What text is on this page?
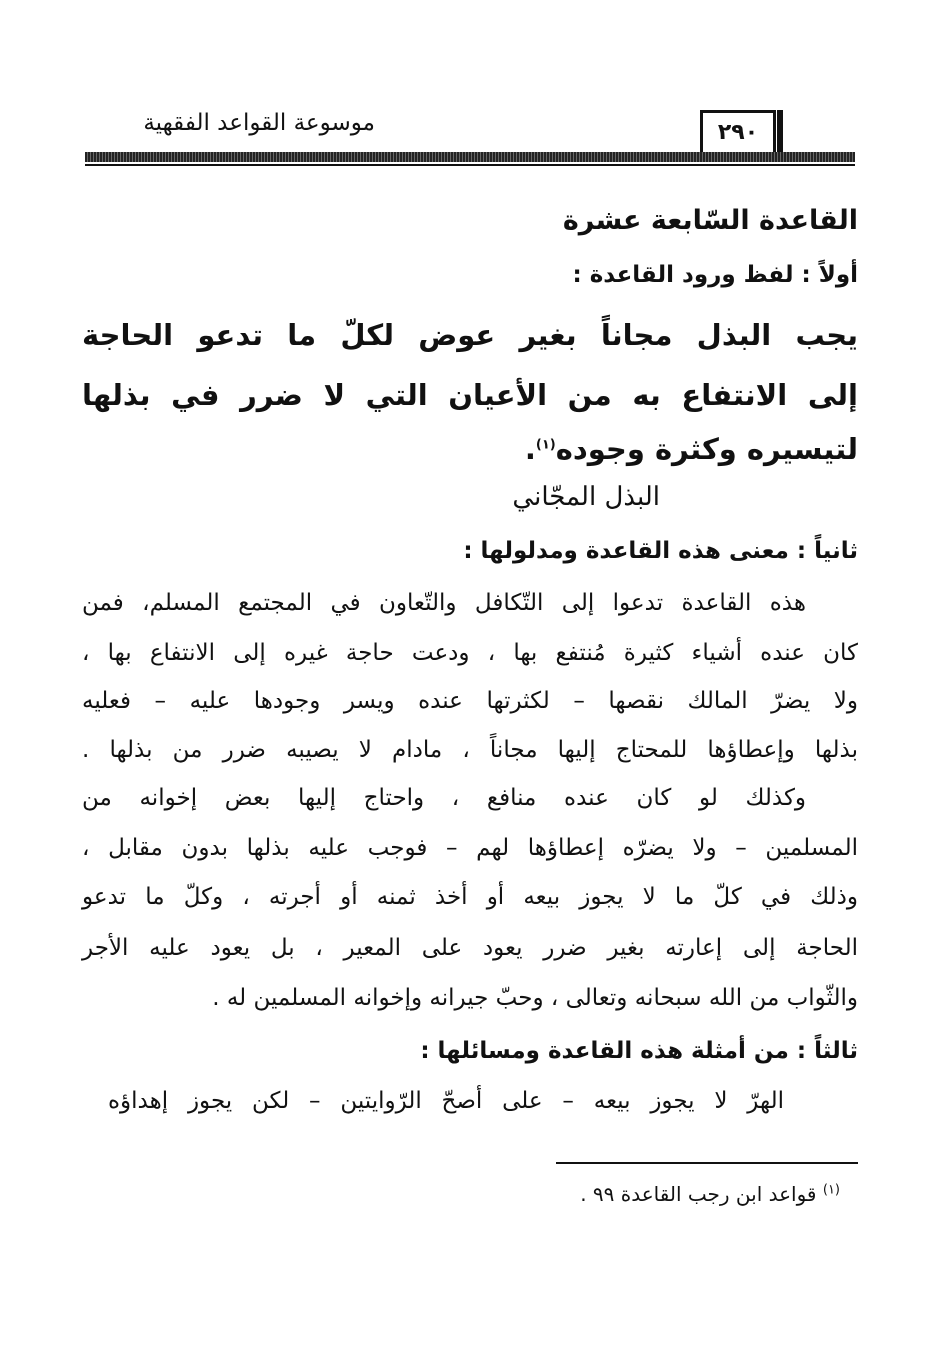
موسوعة القواعد الفقهية	٢٩٠
القاعدة السّابعة عشرة
أولاً : لفظ ورود القاعدة :
يجب البذل مجاناً بغير عوض لكلّ ما تدعو الحاجة
إلى الانتفاع به من الأعيان التي لا ضرر في بذلها
لتيسيره وكثرة وجوده$^{(١)}$.
البذل المجّاني
ثانياً : معنى هذه القاعدة ومدلولها :
هذه القاعدة تدعوا إلى التّكافل والتّعاون في المجتمع المسلم، فمن
كان عنده أشياء كثيرة مُنتفع بها ، ودعت حاجة غيره إلى الانتفاع بها ،
ولا يضرّ المالك نقصها – لكثرتها عنده ويسر وجودها عليه – فعليه
بذلها وإعطاؤها للمحتاج إليها مجاناً ، مادام لا يصيبه ضرر من بذلها .
وكذلك لو كان عنده منافع ، واحتاج إليها بعض إخوانه من
المسلمين – ولا يضرّه إعطاؤها لهم – فوجب عليه بذلها بدون مقابل ،
وذلك في كلّ ما لا يجوز بيعه أو أخذ ثمنه أو أجرته ، وكلّ ما تدعو
الحاجة إلى إعارته بغير ضرر يعود على المعير ، بل يعود عليه الأجر
والثّواب من الله سبحانه وتعالى ، وحبّ جيرانه وإخوانه المسلمين له .
ثالثاً : من أمثلة هذه القاعدة ومسائلها :
الهرّ لا يجوز بيعه – على أصحّ الرّوايتين – لكن يجوز إهداؤه
$^{(١)}$ قواعد ابن رجب القاعدة ٩٩ .
